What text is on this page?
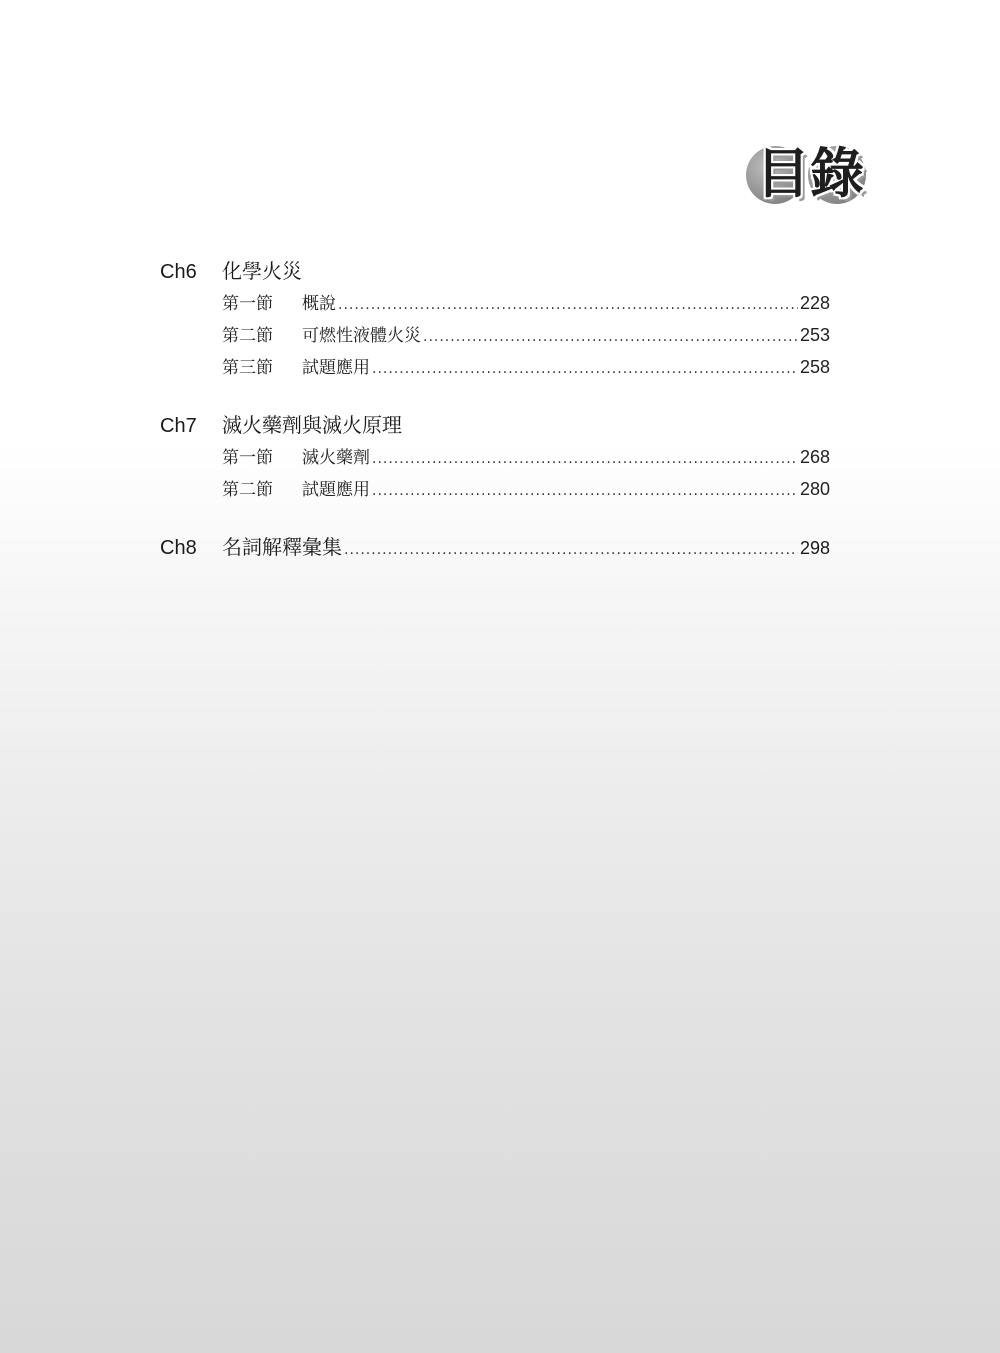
目 錄
Ch6	化學火災
第一節	概說 .....	228
第二節	可燃性液體火災 .....	253
第三節	試題應用 .....	258
Ch7	滅火藥劑與滅火原理
第一節	滅火藥劑 .....	268
第二節	試題應用 .....	280
Ch8	名詞解釋彙集 .....	298
